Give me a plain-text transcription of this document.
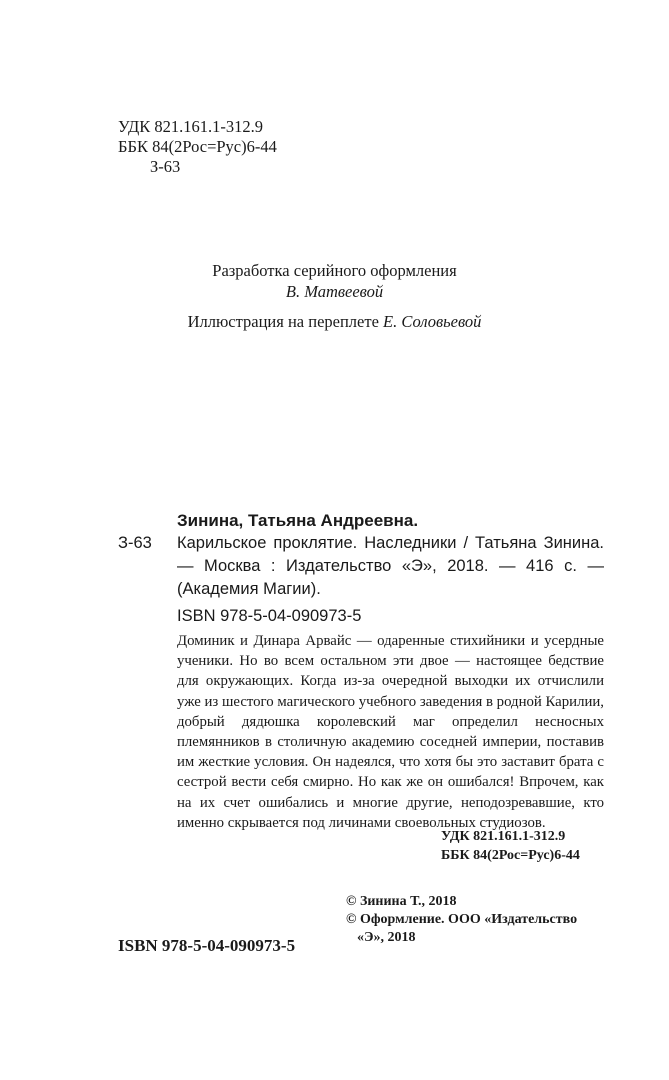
УДК 821.161.1-312.9
ББК 84(2Рос=Рус)6-44
З-63
Разработка серийного оформления
В. Матвеевой
Иллюстрация на переплете Е. Соловьевой
Зинина, Татьяна Андреевна.
З-63 Карильское проклятие. Наследники / Татьяна Зинина. — Москва : Издательство «Э», 2018. — 416 с. — (Академия Магии).
ISBN 978-5-04-090973-5

Доминик и Динара Арвайс — одаренные стихийники и усердные ученики. Но во всем остальном эти двое — настоящее бедствие для окружающих. Когда из-за очередной выходки их отчислили уже из шестого магического учебного заведения в родной Карилии, добрый дядюшка королевский маг определил несносных племянников в столичную академию соседней империи, поставив им жесткие условия. Он надеялся, что хотя бы это заставит брата с сестрой вести себя смирно. Но как же он ошибался! Впрочем, как на их счет ошибались и многие другие, неподозревавшие, кто именно скрывается под личинами своевольных студиозов.

УДК 821.161.1-312.9
ББК 84(2Рос=Рус)6-44
© Зинина Т., 2018
© Оформление. ООО «Издательство
«Э», 2018
ISBN 978-5-04-090973-5
